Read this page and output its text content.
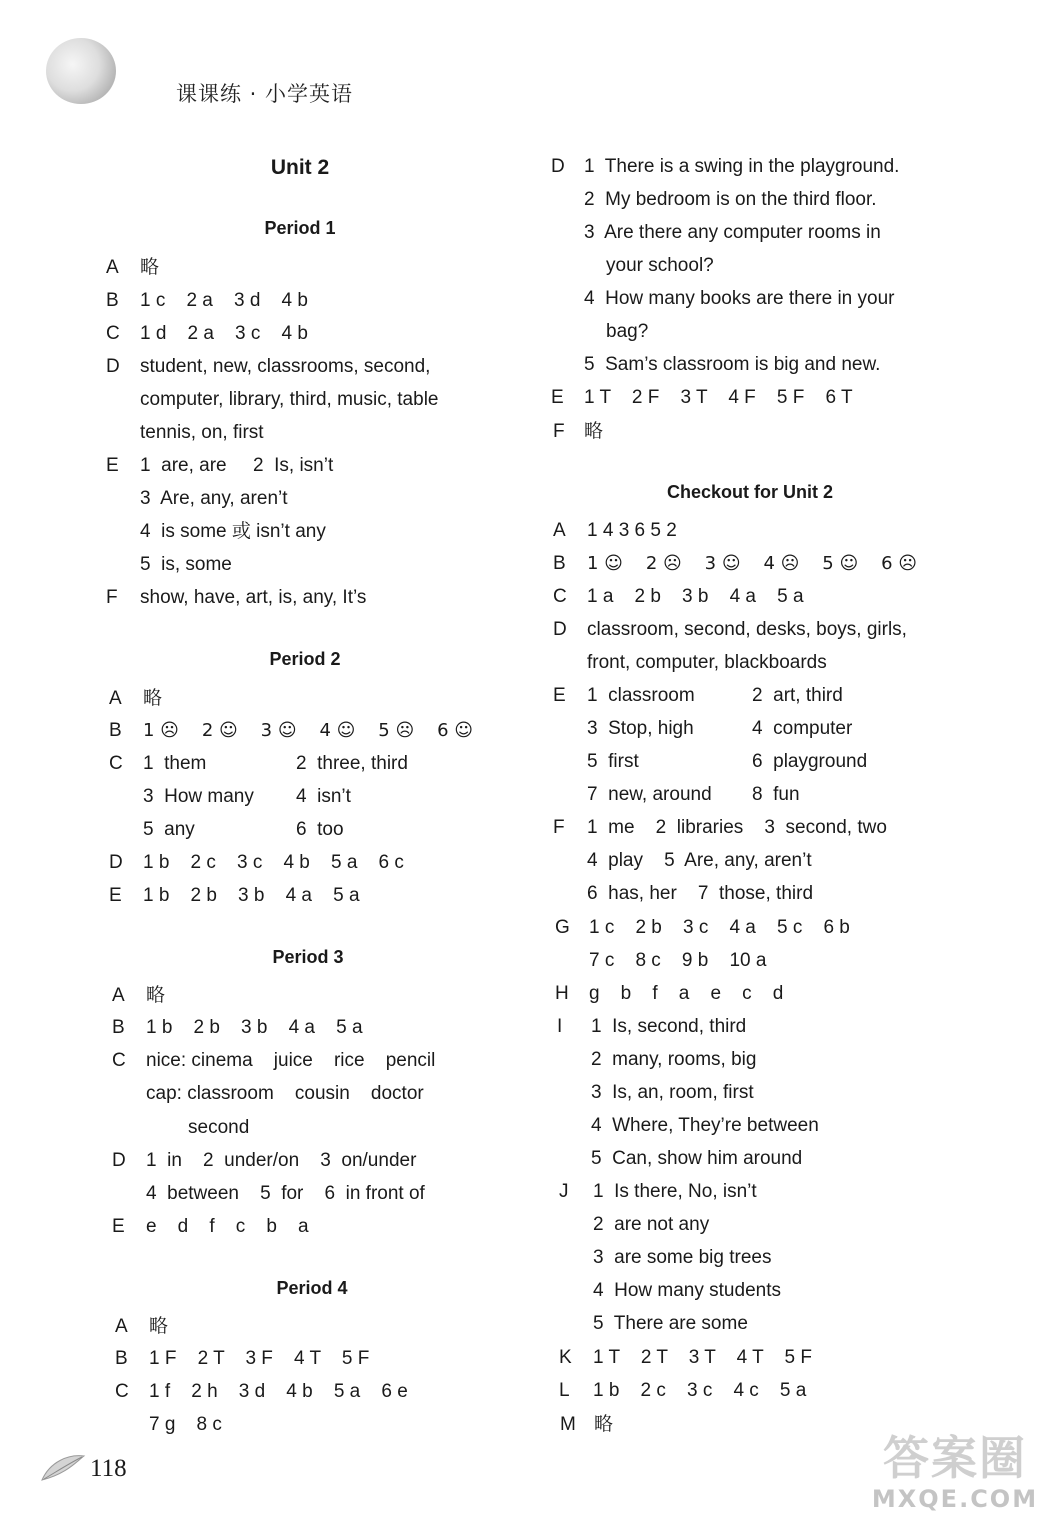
课课练 · 小学英语
Unit 2
Period 1
A 略
B 1 c    2 a    3 d    4 b
C 1 d    2 a    3 c    4 b
D student, new, classrooms, second,
computer, library, third, music, table
tennis, on, first
E 1  are, are     2  Is, isn’t
3  Are, any, aren’t
4  is some 或 isn’t any
5  is, some
F show, have, art, is, any, It’s
Period 2
A 略
B 1 ☹    2 ☺    3 ☺    4 ☺    5 ☹    6 ☺
C 1  them	2  three, third
3  How many 4  isn’t
5  any	6  too
D 1 b    2 c    3 c    4 b    5 a    6 c
E 1 b    2 b    3 b    4 a    5 a
Period 3
A 略
B 1 b    2 b    3 b    4 a    5 a
C nice: cinema    juice    rice    pencil
cap: classroom    cousin    doctor
second
D 1  in    2  under/on    3  on/under
4  between    5  for    6  in front of
E e    d    f    c    b    a
Period 4
A 略
B 1 F    2 T    3 F    4 T    5 F
C 1 f    2 h    3 d    4 b    5 a    6 e
7 g    8 c
D 1  There is a swing in the playground.
2  My bedroom is on the third floor.
3  Are there any computer rooms in
your school?
4  How many books are there in your
bag?
5  Sam’s classroom is big and new.
E 1 T    2 F    3 T    4 F    5 F    6 T
F 略
Checkout for Unit 2
A 1 4 3 6 5 2
B 1 ☺    2 ☹    3 ☺    4 ☹    5 ☺    6 ☹
C 1 a    2 b    3 b    4 a    5 a
D classroom, second, desks, boys, girls,
front, computer, blackboards
E 1  classroom	2  art, third
3  Stop, high	4  computer
5  first	6  playground
7  new, around 8  fun
F 1  me    2  libraries    3  second, two
4  play    5  Are, any, aren’t
6  has, her    7  those, third
G 1 c    2 b    3 c    4 a    5 c    6 b
7 c    8 c    9 b    10 a
H g    b    f    a    e    c    d
I 1  Is, second, third
2  many, rooms, big
3  Is, an, room, first
4  Where, They’re between
5  Can, show him around
J 1  Is there, No, isn’t
2  are not any
3  are some big trees
4  How many students
5  There are some
K 1 T    2 T    3 T    4 T    5 F
L 1 b    2 c    3 c    4 c    5 a
M 略
118	答案圈
MXQE.COM
